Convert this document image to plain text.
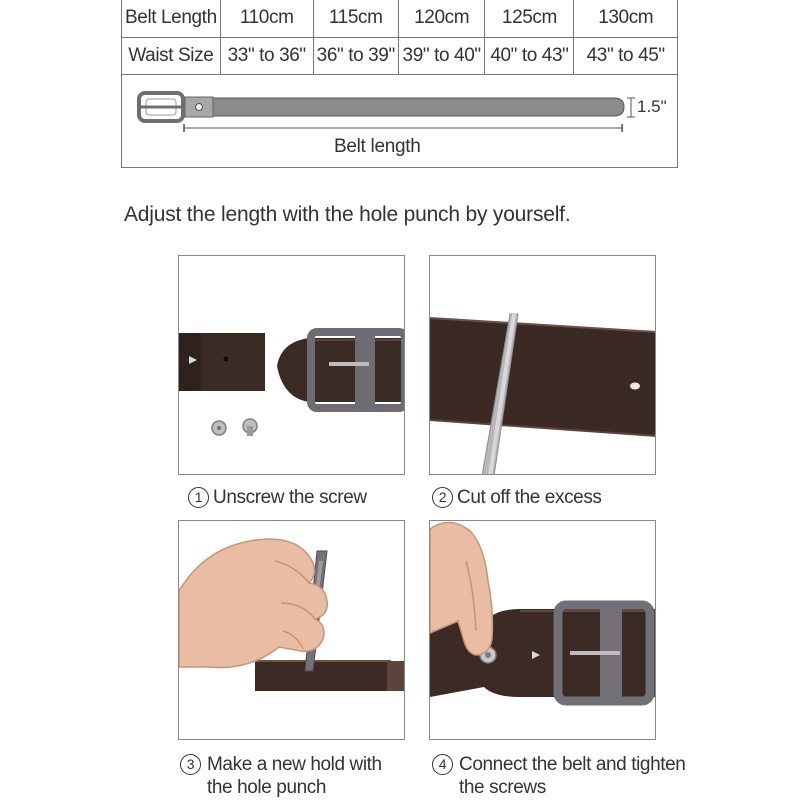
Belt Length	110cm	115cm	120cm	125cm	130cm
Waist Size	33" to 36"	36" to 39"	39" to 40"	40" to 43"	43" to 45"
Belt length
1.5"
Adjust the length with the hole punch by yourself.
1 Unscrew the screw	2 Cut off the excess
3 Make a new hold with the hole punch
4 Connect the belt and tighten the screws
